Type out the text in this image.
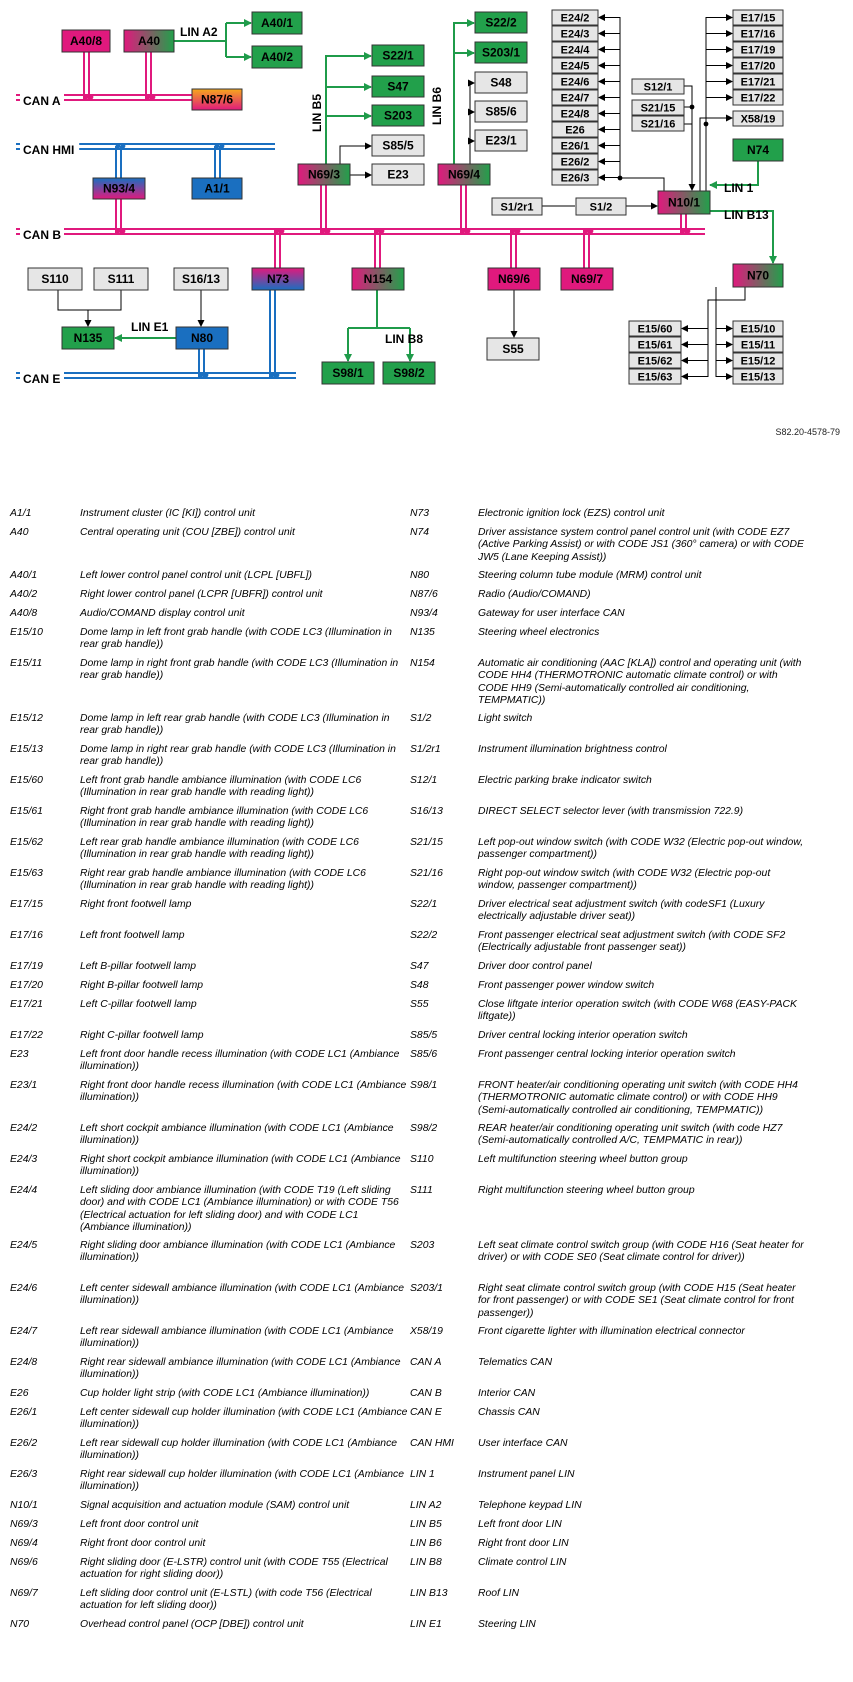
A40/8	A40
A40/1
A40/2
N87/6
N93/4	A1/1
S22/1
S47
S203
S85/5
E23
N69/3
S22/2
S203/1
S48
S85/6
E23/1
N69/4
E24/2
E24/3
E24/4
E24/5
E24/6
E24/7
E24/8
E26
E26/1
E26/2
E26/3
S12/1
S21/15
S21/16
E17/15
E17/16
E17/19
E17/20
E17/21
E17/22
X58/19
N74
S1/2r1	S1/2	N10/1
N70
S110	S111	S16/13	N73	N154	N69/6	N69/7
N135	N80
S55
S98/1 S98/2
E15/60
E15/61
E15/62
E15/63
E15/10
E15/11
E15/12
E15/13
CAN A
CAN HMI
CAN B
CAN E
LIN A2
LIN B5	LIN B6
LIN 1
LIN B13
LIN E1
LIN B8
S82.20-4578-79
A1/1	Instrument cluster (IC [KI]) control unit
A40	Central operating unit (COU [ZBE]) control unit
A40/1	Left lower control panel control unit (LCPL [UBFL])
A40/2	Right lower control panel (LCPR [UBFR]) control unit
A40/8	Audio/COMAND display control unit
E15/10	Dome lamp in left front grab handle (with CODE LC3 (Illumination in rear grab handle))
E15/11	Dome lamp in right front grab handle (with CODE LC3 (Illumination in rear grab handle))
E15/12	Dome lamp in left rear grab handle (with CODE LC3 (Illumination in rear grab handle))
E15/13	Dome lamp in right rear grab handle (with CODE LC3 (Illumination in rear grab handle))
E15/60	Left front grab handle ambiance illumination (with CODE LC6 (Illumination in rear grab handle with reading light))
E15/61	Right front grab handle ambiance illumination (with CODE LC6 (Illumination in rear grab handle with reading light))
E15/62	Left rear grab handle ambiance illumination (with CODE LC6 (Illumination in rear grab handle with reading light))
E15/63	Right rear grab handle ambiance illumination (with CODE LC6 (Illumination in rear grab handle with reading light))
E17/15	Right front footwell lamp
E17/16	Left front footwell lamp
E17/19	Left B-pillar footwell lamp
E17/20	Right B-pillar footwell lamp
E17/21	Left C-pillar footwell lamp
E17/22	Right C-pillar footwell lamp
E23	Left front door handle recess illumination (with CODE LC1 (Ambiance illumination))
E23/1	Right front door handle recess illumination (with CODE LC1 (Ambiance illumination))
E24/2	Left short cockpit ambiance illumination (with CODE LC1 (Ambiance illumination))
E24/3	Right short cockpit ambiance illumination (with CODE LC1 (Ambiance illumination))
E24/4	Left sliding door ambiance illumination (with CODE T19 (Left sliding door) and with CODE LC1 (Ambiance illumination) or with CODE T56 (Electrical actuation for left sliding door) and with CODE LC1 (Ambiance illumination))
E24/5	Right sliding door ambiance illumination (with CODE LC1 (Ambiance illumination))
E24/6	Left center sidewall ambiance illumination (with CODE LC1 (Ambiance illumination))
E24/7	Left rear sidewall ambiance illumination (with CODE LC1 (Ambiance illumination))
E24/8	Right rear sidewall ambiance illumination (with CODE LC1 (Ambiance illumination))
E26	Cup holder light strip (with CODE LC1 (Ambiance illumination))
E26/1	Left center sidewall cup holder illumination (with CODE LC1 (Ambiance illumination))
E26/2	Left rear sidewall cup holder illumination (with CODE LC1 (Ambiance illumination))
E26/3	Right rear sidewall cup holder illumination (with CODE LC1 (Ambiance illumination))
N10/1	Signal acquisition and actuation module (SAM) control unit
N69/3	Left front door control unit
N69/4	Right front door control unit
N69/6	Right sliding door (E-LSTR) control unit (with CODE T55 (Electrical actuation for right sliding door))
N69/7	Left sliding door control unit (E-LSTL) (with code T56 (Electrical actuation for left sliding door))
N70	Overhead control panel (OCP [DBE]) control unit
N73	Electronic ignition lock (EZS) control unit
N74	Driver assistance system control panel control unit (with CODE EZ7 (Active Parking Assist) or with CODE JS1 (360° camera) or with CODE JW5 (Lane Keeping Assist))
N80	Steering column tube module (MRM) control unit
N87/6	Radio (Audio/COMAND)
N93/4	Gateway for user interface CAN
N135	Steering wheel electronics
N154	Automatic air conditioning (AAC [KLA]) control and operating unit (with CODE HH4 (THERMOTRONIC automatic climate control) or with CODE HH9 (Semi-automatically controlled air conditioning, TEMPMATIC))
S1/2	Light switch
S1/2r1	Instrument illumination brightness control
S12/1	Electric parking brake indicator switch
S16/13	DIRECT SELECT selector lever (with transmission 722.9)
S21/15	Left pop-out window switch (with CODE W32 (Electric pop-out window, passenger compartment))
S21/16	Right pop-out window switch (with CODE W32 (Electric pop-out window, passenger compartment))
S22/1	Driver electrical seat adjustment switch (with codeSF1 (Luxury electrically adjustable driver seat))
S22/2	Front passenger electrical seat adjustment switch (with CODE SF2 (Electrically adjustable front passenger seat))
S47	Driver door control panel
S48	Front passenger power window switch
S55	Close liftgate interior operation switch (with CODE W68 (EASY-PACK liftgate))
S85/5	Driver central locking interior operation switch
S85/6	Front passenger central locking interior operation switch
S98/1	FRONT heater/air conditioning operating unit switch (with CODE HH4 (THERMOTRONIC automatic climate control) or with CODE HH9 (Semi-automatically controlled air conditioning, TEMPMATIC))
S98/2	REAR heater/air conditioning operating unit switch (with code HZ7 (Semi-automatically controlled A/C, TEMPMATIC in rear))
S110	Left multifunction steering wheel button group
S111	Right multifunction steering wheel button group
S203	Left seat climate control switch group (with CODE H16 (Seat heater for driver) or with CODE SE0 (Seat climate control for driver))
S203/1	Right seat climate control switch group (with CODE H15 (Seat heater for front passenger) or with CODE SE1 (Seat climate control for front passenger))
X58/19	Front cigarette lighter with illumination electrical connector
CAN A	Telematics CAN
CAN B	Interior CAN
CAN E	Chassis CAN
CAN HMI	User interface CAN
LIN 1	Instrument panel LIN
LIN A2	Telephone keypad LIN
LIN B5	Left front door LIN
LIN B6	Right front door LIN
LIN B8	Climate control LIN
LIN B13	Roof LIN
LIN E1	Steering LIN
